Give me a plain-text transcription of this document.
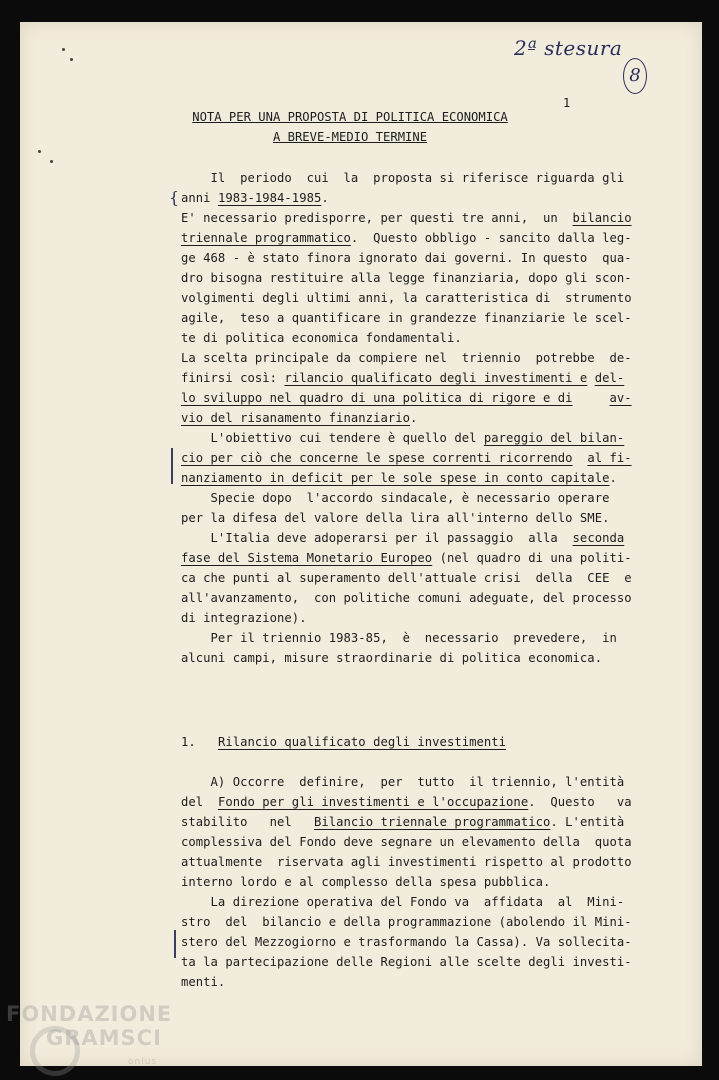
2ª stesura
8
1
NOTA PER UNA PROPOSTA DI POLITICA ECONOMICA
A BREVE-MEDIO TERMINE
{
Il  periodo  cui  la  proposta si riferisce riguarda gli
anni 1983-1984-1985.
E' necessario predisporre, per questi tre anni,  un  bilancio
triennale programmatico.  Questo obbligo - sancito dalla leg-
ge 468 - è stato finora ignorato dai governi. In questo  qua-
dro bisogna restituire alla legge finanziaria, dopo gli scon-
volgimenti degli ultimi anni, la caratteristica di  strumento
agile,  teso a quantificare in grandezze finanziarie le scel-
te di politica economica fondamentali.
La scelta principale da compiere nel  triennio  potrebbe  de-
finirsi così: rilancio qualificato degli investimenti e del-
lo sviluppo nel quadro di una politica di rigore e di	av-
vio del risanamento finanziario.
L'obiettivo cui tendere è quello del pareggio del bilan-
cio per ciò che concerne le spese correnti ricorrendo al fi-
nanziamento in deficit per le sole spese in conto capitale.
Specie dopo  l'accordo sindacale, è necessario operare
per la difesa del valore della lira all'interno dello SME.
L'Italia deve adoperarsi per il passaggio  alla  seconda
fase del Sistema Monetario Europeo (nel quadro di una politi-
ca che punti al superamento dell'attuale crisi  della  CEE  e
all'avanzamento,  con politiche comuni adeguate, del processo
di integrazione).
Per il triennio 1983-85,  è  necessario  prevedere,  in
alcuni campi, misure straordinarie di politica economica.
1.   Rilancio qualificato degli investimenti
A) Occorre  definire,  per  tutto  il triennio, l'entità
del  Fondo per gli investimenti e l'occupazione.  Questo   va
stabilito   nel   Bilancio triennale programmatico. L'entità
complessiva del Fondo deve segnare un elevamento della  quota
attualmente  riservata agli investimenti rispetto al prodotto
interno lordo e al complesso della spesa pubblica.
La direzione operativa del Fondo va  affidata  al  Mini-
stro  del  bilancio e della programmazione (abolendo il Mini-
stero del Mezzogiorno e trasformando la Cassa). Va sollecita-
ta la partecipazione delle Regioni alle scelte degli investi-
menti.
FONDAZIONE
GRAMSCI
onlus
